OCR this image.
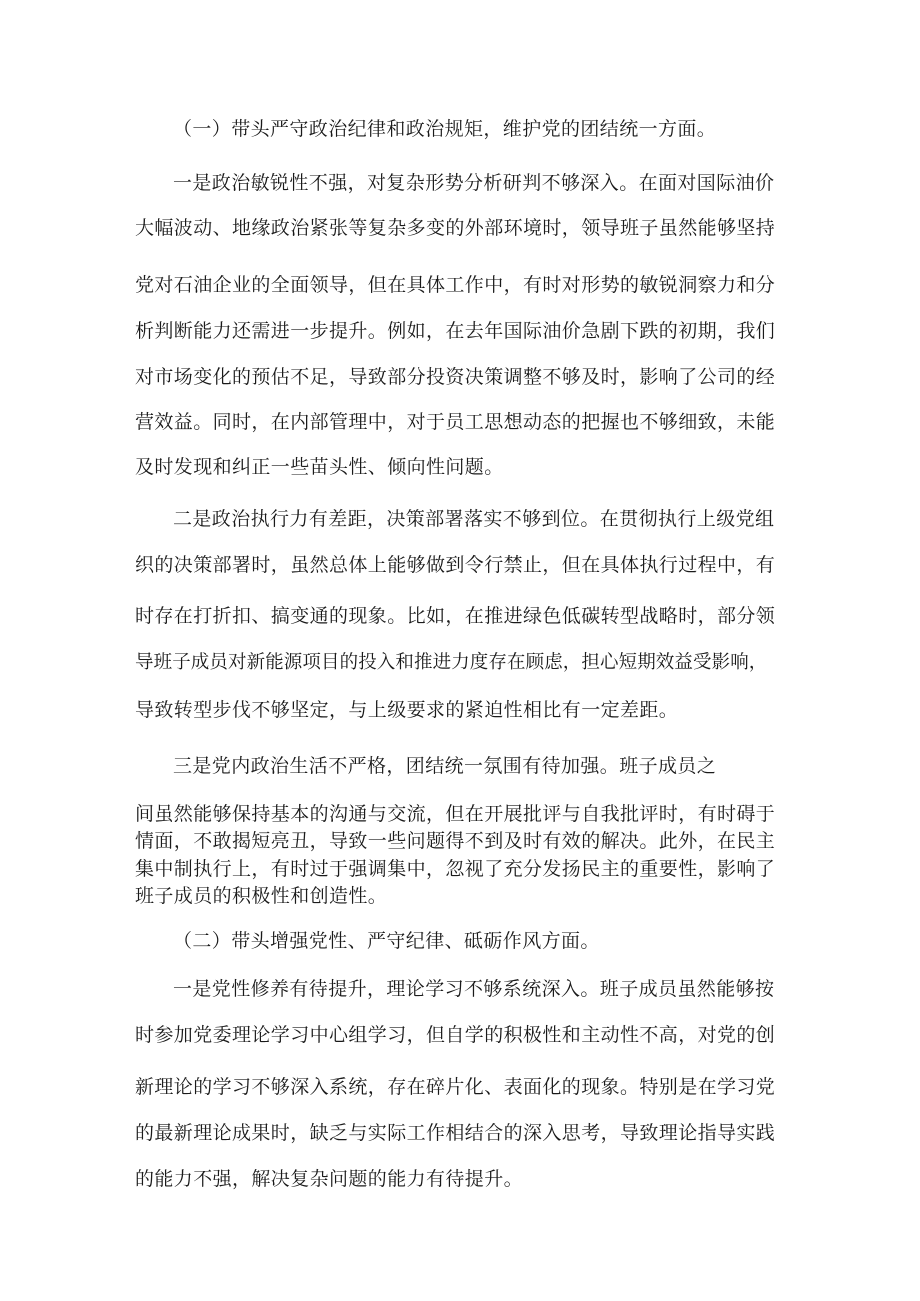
（一）带头严守政治纪律和政治规矩，维护党的团结统一方面。
一是政治敏锐性不强，对复杂形势分析研判不够深入。在面对国际油价
大幅波动、地缘政治紧张等复杂多变的外部环境时，领导班子虽然能够坚持
党对石油企业的全面领导，但在具体工作中，有时对形势的敏锐洞察力和分
析判断能力还需进一步提升。例如，在去年国际油价急剧下跌的初期，我们
对市场变化的预估不足，导致部分投资决策调整不够及时，影响了公司的经
营效益。同时，在内部管理中，对于员工思想动态的把握也不够细致，未能
及时发现和纠正一些苗头性、倾向性问题。
二是政治执行力有差距，决策部署落实不够到位。在贯彻执行上级党组
织的决策部署时，虽然总体上能够做到令行禁止，但在具体执行过程中，有
时存在打折扣、搞变通的现象。比如，在推进绿色低碳转型战略时，部分领
导班子成员对新能源项目的投入和推进力度存在顾虑，担心短期效益受影响，
导致转型步伐不够坚定，与上级要求的紧迫性相比有一定差距。
三是党内政治生活不严格，团结统一氛围有待加强。班子成员之
间虽然能够保持基本的沟通与交流，但在开展批评与自我批评时，有时碍于
情面，不敢揭短亮丑，导致一些问题得不到及时有效的解决。此外，在民主
集中制执行上，有时过于强调集中，忽视了充分发扬民主的重要性，影响了
班子成员的积极性和创造性。
（二）带头增强党性、严守纪律、砥砺作风方面。
一是党性修养有待提升，理论学习不够系统深入。班子成员虽然能够按
时参加党委理论学习中心组学习，但自学的积极性和主动性不高，对党的创
新理论的学习不够深入系统，存在碎片化、表面化的现象。特别是在学习党
的最新理论成果时，缺乏与实际工作相结合的深入思考，导致理论指导实践
的能力不强，解决复杂问题的能力有待提升。
